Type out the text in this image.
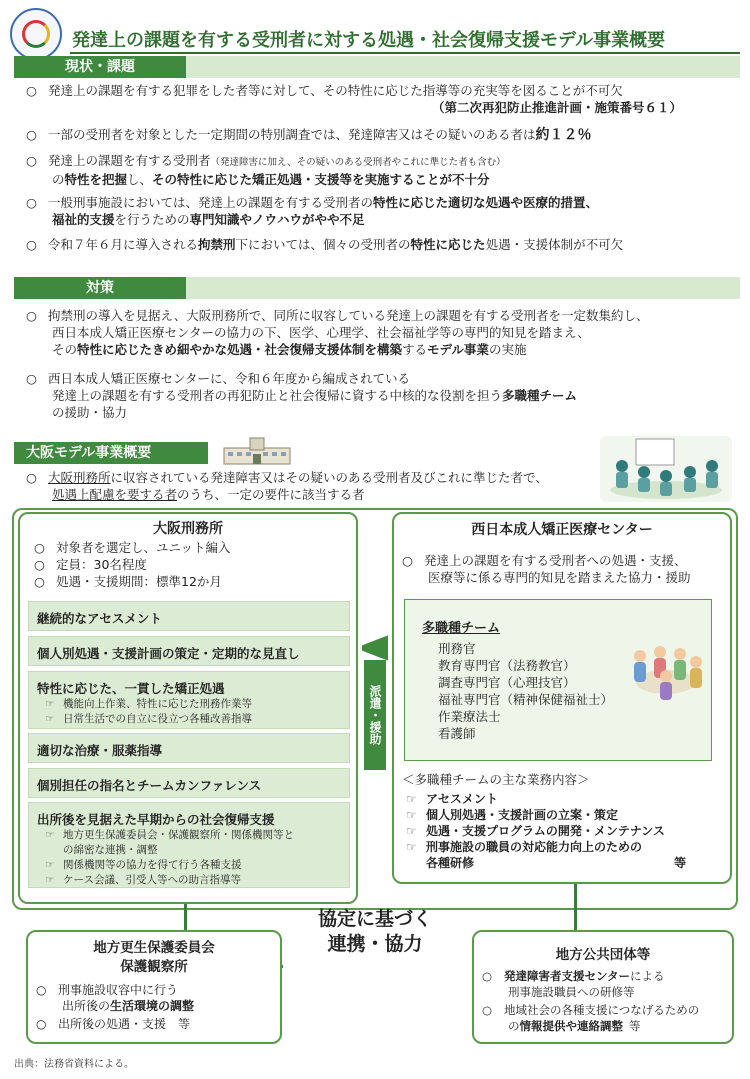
発達上の課題を有する受刑者に対する処遇・社会復帰支援モデル事業概要
現状・課題
○ 発達上の課題を有する犯罪をした者等に対して、その特性に応じた指導等の充実等を図ることが不可欠
（第二次再犯防止推進計画・施策番号６１）
○ 一部の受刑者を対象とした一定期間の特別調査では、発達障害又はその疑いのある者は約１２％
○ 発達上の課題を有する受刑者（発達障害に加え、その疑いのある受刑者やこれに準じた者も含む）
の特性を把握し、その特性に応じた矯正処遇・支援等を実施することが不十分
○ 一般刑事施設においては、発達上の課題を有する受刑者の特性に応じた適切な処遇や医療的措置、
福祉的支援を行うための専門知識やノウハウがやや不足
○ 令和７年６月に導入される拘禁刑下においては、個々の受刑者の特性に応じた処遇・支援体制が不可欠
対策
○ 拘禁刑の導入を見据え、大阪刑務所で、同所に収容している発達上の課題を有する受刑者を一定数集約し、
西日本成人矯正医療センターの協力の下、医学、心理学、社会福祉学等の専門的知見を踏まえ、
その特性に応じたきめ細やかな処遇・社会復帰支援体制を構築するモデル事業の実施
○ 西日本成人矯正医療センターに、令和６年度から編成されている
発達上の課題を有する受刑者の再犯防止と社会復帰に資する中核的な役割を担う多職種チーム
の援助・協力
大阪モデル事業概要
○ 大阪刑務所に収容されている発達障害又はその疑いのある受刑者及びこれに準じた者で、
処遇上配慮を要する者のうち、一定の要件に該当する者
大阪刑務所
○ 対象者を選定し、ユニット編入
○ 定員：30名程度
○ 処遇・支援期間：標準12か月
継続的なアセスメント
個人別処遇・支援計画の策定・定期的な見直し
特性に応じた、一貫した矯正処遇
☞ 機能向上作業、特性に応じた刑務作業等
☞ 日常生活での自立に役立つ各種改善指導
適切な治療・服薬指導
個別担任の指名とチームカンファレンス
出所後を見据えた早期からの社会復帰支援
☞ 地方更生保護委員会・保護観察所・関係機関等と
の綿密な連携・調整
☞ 関係機関等の協力を得て行う各種支援
☞ ケース会議、引受人等への助言指導等
派遣・援助
西日本成人矯正医療センター
○ 発達上の課題を有する受刑者への処遇・支援、
医療等に係る専門的知見を踏まえた協力・援助
多職種チーム
刑務官
教育専門官（法務教官）
調査専門官（心理技官）
福祉専門官（精神保健福祉士）
作業療法士
看護師
＜多職種チームの主な業務内容＞
☞ アセスメント
☞ 個人別処遇・支援計画の立案・策定
☞ 処遇・支援プログラムの開発・メンテナンス
☞ 刑事施設の職員の対応能力向上のための
各種研修	等
協定に基づく
連携・協力
地方更生保護委員会
保護観察所
○ 刑事施設収容中に行う
出所後の生活環境の調整
○ 出所後の処遇・支援　等
地方公共団体等
○ 発達障害者支援センターによる
刑事施設職員への研修等
○ 地域社会の各種支援につなげるための
の情報提供や連絡調整 等
出典：法務省資料による。
